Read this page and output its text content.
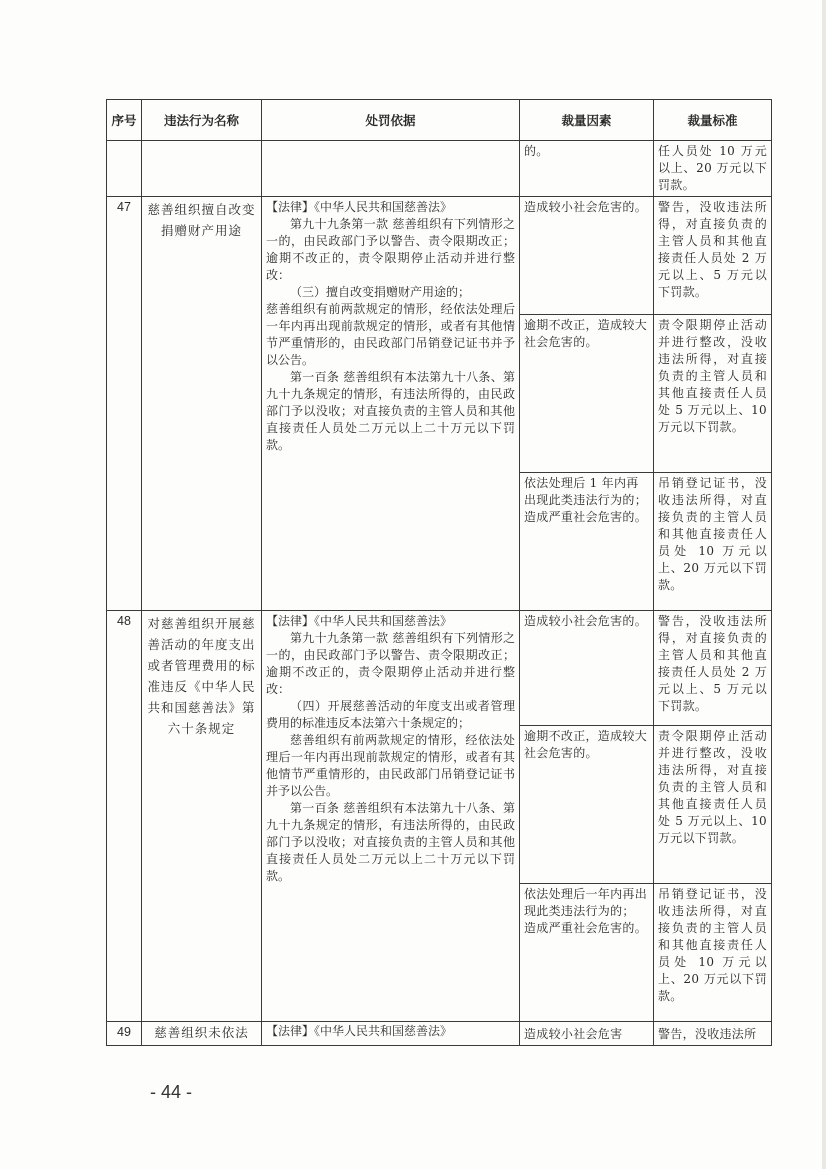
序号	违法行为名称	处罚依据	裁量因素	裁量标准
			的。	任人员处 10 万元以上、20 万元以下罚款。
47	慈善组织擅自改变捐赠财产用途	【法律】《中华人民共和国慈善法》

第九十九条第一款 慈善组织有下列情形之一的，由民政部门予以警告、责令限期改正；逾期不改正的，责令限期停止活动并进行整改：

（三）擅自改变捐赠财产用途的；

慈善组织有前两款规定的情形，经依法处理后一年内再出现前款规定的情形，或者有其他情节严重情形的，由民政部门吊销登记证书并予以公告。

第一百条 慈善组织有本法第九十八条、第九十九条规定的情形，有违法所得的，由民政部门予以没收；对直接负责的主管人员和其他直接责任人员处二万元以上二十万元以下罚款。	造成较小社会危害的。	警告，没收违法所得，对直接负责的主管人员和其他直接责任人员处 2 万元以上、5 万元以下罚款。
			逾期不改正，造成较大社会危害的。	责令限期停止活动并进行整改，没收违法所得，对直接负责的主管人员和其他直接责任人员处 5 万元以上、10 万元以下罚款。

			依法处理后 1 年内再出现此类违法行为的；
造成严重社会危害的。	吊销登记证书，没收违法所得，对直接负责的主管人员和其他直接责任人员处 10 万元以上、20 万元以下罚款。
48	对慈善组织开展慈善活动的年度支出或者管理费用的标准违反《中华人民共和国慈善法》第六十条规定	【法律】《中华人民共和国慈善法》

第九十九条第一款 慈善组织有下列情形之一的，由民政部门予以警告、责令限期改正；逾期不改正的，责令限期停止活动并进行整改：

（四）开展慈善活动的年度支出或者管理费用的标准违反本法第六十条规定的；

慈善组织有前两款规定的情形，经依法处理后一年内再出现前款规定的情形，或者有其他情节严重情形的，由民政部门吊销登记证书并予以公告。

第一百条 慈善组织有本法第九十八条、第九十九条规定的情形，有违法所得的，由民政部门予以没收；对直接负责的主管人员和其他直接责任人员处二万元以上二十万元以下罚款。	造成较小社会危害的。	警告，没收违法所得，对直接负责的主管人员和其他直接责任人员处 2 万元以上、5 万元以下罚款。
			逾期不改正，造成较大社会危害的。	责令限期停止活动并进行整改，没收违法所得，对直接负责的主管人员和其他直接责任人员处 5 万元以上、10 万元以下罚款。

			依法处理后一年内再出现此类违法行为的；
造成严重社会危害的。	吊销登记证书，没收违法所得，对直接负责的主管人员和其他直接责任人员处 10 万元以上、20 万元以下罚款。
49	慈善组织未依法	【法律】《中华人民共和国慈善法》	造成较小社会危害	警告，没收违法所
- 44 -
